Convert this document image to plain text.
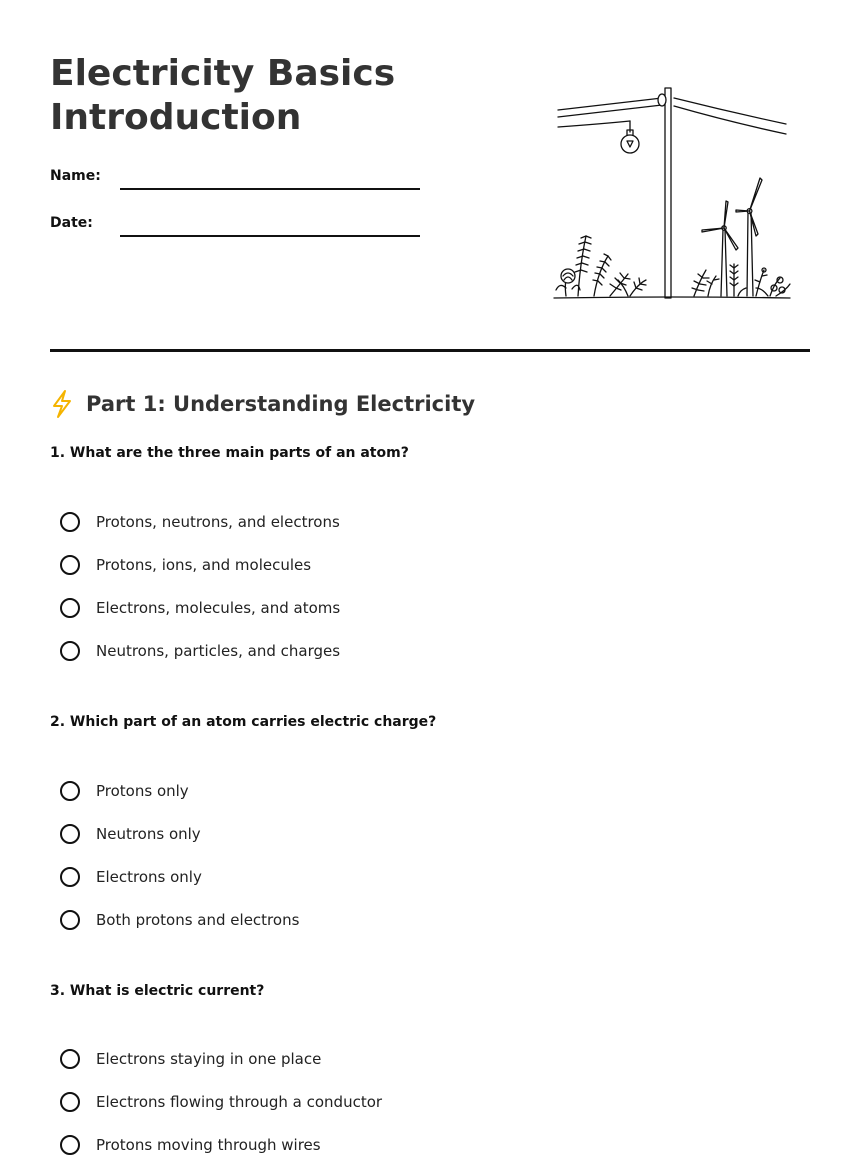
Electricity Basics
Introduction
Name:
Date:
Part 1: Understanding Electricity
1. What are the three main parts of an atom?
Protons, neutrons, and electrons
Protons, ions, and molecules
Electrons, molecules, and atoms
Neutrons, particles, and charges
2. Which part of an atom carries electric charge?
Protons only
Neutrons only
Electrons only
Both protons and electrons
3. What is electric current?
Electrons staying in one place
Electrons flowing through a conductor
Protons moving through wires
